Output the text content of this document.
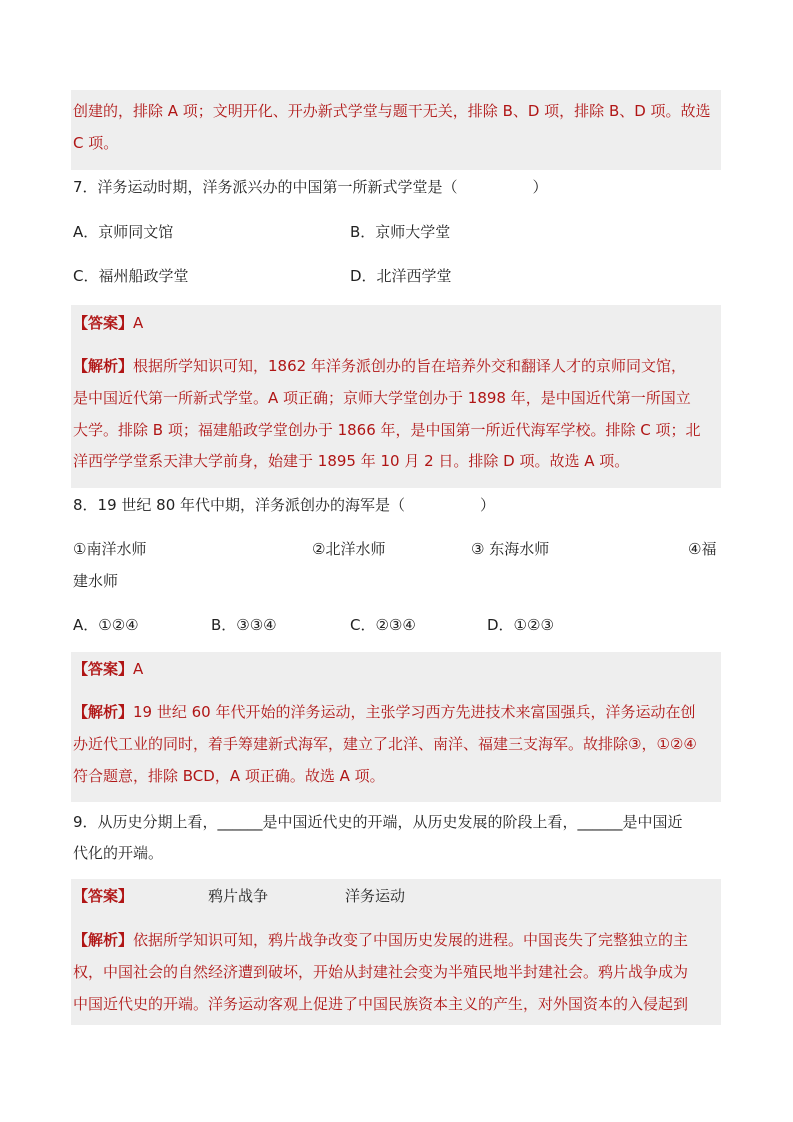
创建的，排除 A 项；文明开化、开办新式学堂与题干无关，排除 B、D 项，排除 B、D 项。故选
C 项。
7．洋务运动时期，洋务派兴办的中国第一所新式学堂是（　　　　　）
A．京师同文馆	B．京师大学堂
C．福州船政学堂	D．北洋西学堂
【答案】A
【解析】根据所学知识可知，1862 年洋务派创办的旨在培养外交和翻译人才的京师同文馆，
是中国近代第一所新式学堂。A 项正确；京师大学堂创办于 1898 年，是中国近代第一所国立
大学。排除 B 项；福建船政学堂创办于 1866 年，是中国第一所近代海军学校。排除 C 项；北
洋西学学堂系天津大学前身，始建于 1895 年 10 月 2 日。排除 D 项。故选 A 项。
8．19 世纪 80 年代中期，洋务派创办的海军是（　　　　　）
①南洋水师	②北洋水师	③ 东海水师	④福
建水师
A．①②④	B．③③④	C．②③④	D．①②③
【答案】A
【解析】19 世纪 60 年代开始的洋务运动，主张学习西方先进技术来富国强兵，洋务运动在创
办近代工业的同时，着手筹建新式海军，建立了北洋、南洋、福建三支海军。故排除③，①②④
符合题意，排除 BCD，A 项正确。故选 A 项。
9．从历史分期上看，______是中国近代史的开端，从历史发展的阶段上看，______是中国近
代化的开端。
【答案】	鸦片战争	洋务运动
【解析】依据所学知识可知，鸦片战争改变了中国历史发展的进程。中国丧失了完整独立的主
权，中国社会的自然经济遭到破坏，开始从封建社会变为半殖民地半封建社会。鸦片战争成为
中国近代史的开端。洋务运动客观上促进了中国民族资本主义的产生，对外国资本的入侵起到
